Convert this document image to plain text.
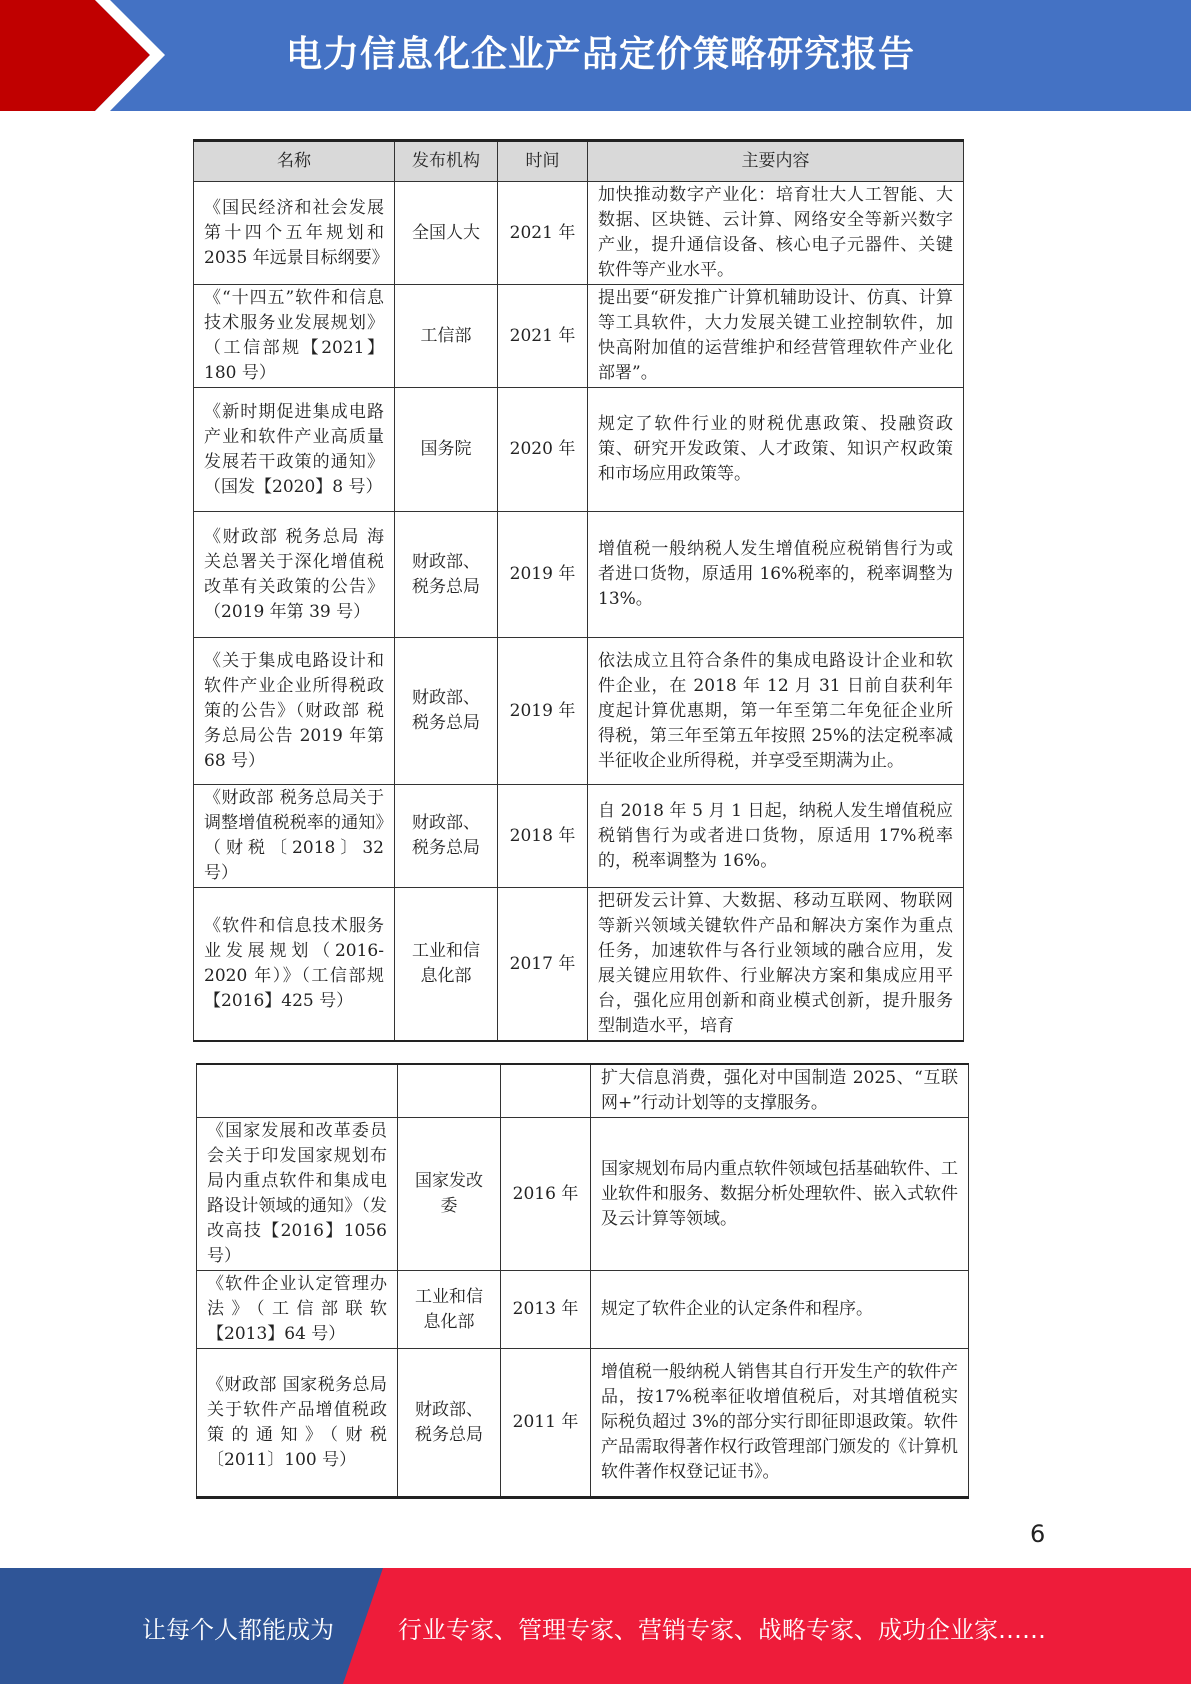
电力信息化企业产品定价策略研究报告
名称	发布机构	时间	主要内容
《国民经济和社会发展第十四个五年规划和 2035 年远景目标纲要》	全国人大	2021 年	加快推动数字产业化：培育壮大人工智能、大数据、区块链、云计算、网络安全等新兴数字产业，提升通信设备、核心电子元器件、关键软件等产业水平。
《“十四五”软件和信息技术服务业发展规划》（工信部规【2021】180 号）	工信部	2021 年	提出要“研发推广计算机辅助设计、仿真、计算等工具软件，大力发展关键工业控制软件，加快高附加值的运营维护和经营管理软件产业化部署”。
《新时期促进集成电路产业和软件产业高质量发展若干政策的通知》（国发【2020】8 号）	国务院	2020 年	规定了软件行业的财税优惠政策、投融资政策、研究开发政策、人才政策、知识产权政策和市场应用政策等。
《财政部 税务总局 海关总署关于深化增值税改革有关政策的公告》（2019 年第 39 号）	财政部、税务总局	2019 年	增值税一般纳税人发生增值税应税销售行为或者进口货物，原适用 16%税率的，税率调整为 13%。
《关于集成电路设计和软件产业企业所得税政策的公告》（财政部 税务总局公告 2019 年第 68 号）	财政部、税务总局	2019 年	依法成立且符合条件的集成电路设计企业和软件企业，在 2018 年 12 月 31 日前自获利年度起计算优惠期，第一年至第二年免征企业所得税，第三年至第五年按照 25%的法定税率减半征收企业所得税，并享受至期满为止。
《财政部 税务总局关于调整增值税税率的通知》（财税〔2018〕32 号）	财政部、税务总局	2018 年	自 2018 年 5 月 1 日起，纳税人发生增值税应税销售行为或者进口货物，原适用 17%税率的，税率调整为 16%。
《软件和信息技术服务业发展规划（2016-2020 年）》（工信部规【2016】425 号）	工业和信息化部	2017 年	把研发云计算、大数据、移动互联网、物联网等新兴领域关键软件产品和解决方案作为重点任务，加速软件与各行业领域的融合应用，发展关键应用软件、行业解决方案和集成应用平台，强化应用创新和商业模式创新，提升服务型制造水平，培育
			扩大信息消费，强化对中国制造 2025、“互联网+”行动计划等的支撑服务。
《国家发展和改革委员会关于印发国家规划布局内重点软件和集成电路设计领域的通知》（发改高技【2016】1056 号）	国家发改委	2016 年	国家规划布局内重点软件领域包括基础软件、工业软件和服务、数据分析处理软件、嵌入式软件及云计算等领域。
《软件企业认定管理办法》（工信部联软【2013】64 号）	工业和信息化部	2013 年	规定了软件企业的认定条件和程序。
《财政部 国家税务总局关于软件产品增值税政策的通知》（财税〔2011〕100 号）	财政部、税务总局	2011 年	增值税一般纳税人销售其自行开发生产的软件产品，按17%税率征收增值税后，对其增值税实际税负超过 3%的部分实行即征即退政策。软件产品需取得著作权行政管理部门颁发的《计算机软件著作权登记证书》。
6
让每个人都能成为	行业专家、管理专家、营销专家、战略专家、成功企业家……
